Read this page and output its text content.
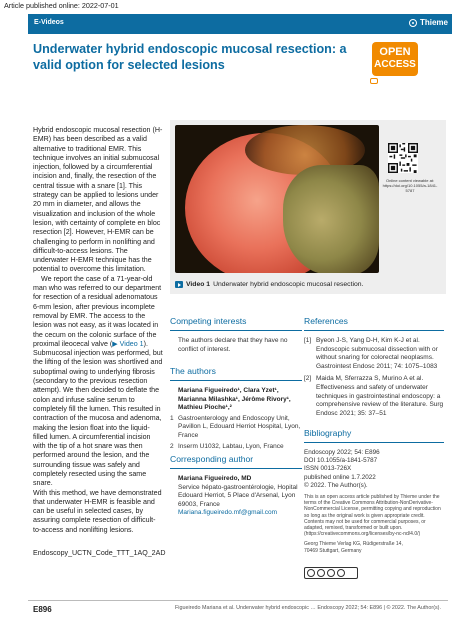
Article published online: 2022-07-01
E-Videos	Thieme
Underwater hybrid endoscopic mucosal resection: a valid option for selected lesions
OPEN
ACCESS

Hybrid endoscopic mucosal resection (H-EMR) has been described as a valid alternative to traditional EMR. This technique involves an initial submucosal injection, followed by a circumferential incision and, finally, the resection of the central tissue with a snare [1]. This strategy can be applied to lesions under 20 mm in diameter, and allows the visualization and inclusion of the whole lesion, with certainty of complete en bloc resection [2]. However, H-EMR can be challenging to perform in nonlifting and difficult-to-access lesions. The underwater H-EMR technique has the potential to overcome this limitation.

We report the case of a 71-year-old man who was referred to our department for resection of a residual adenomatous 6-mm lesion, after previous incomplete removal by EMR. The access to the lesion was not easy, as it was located in the cecum on the colonic surface of the proximal ileocecal valve (▶ Video 1). Submucosal injection was performed, but the lifting of the lesion was shortlived and suboptimal owing to underlying fibrosis (secondary to the previous resection attempt). We then decided to deflate the colon and infuse saline serum to completely fill the lumen. This resulted in contraction of the mucosa and adenoma, making the lesion float into the liquid-filled lumen. A circumferential incision with the tip of a hot snare was then performed around the lesion, and the surrounding tissue was safely and completely resected using the same snare.

With this method, we have demonstrated that underwater H-EMR is feasible and can be useful in selected cases, by assuring complete resection of difficult-to-access and nonlifting lesions.

Endoscopy_UCTN_Code_TTT_1AQ_2AD

Online content viewable at: https://doi.org/10.1055/a-1841-5787
Video 1 Underwater hybrid endoscopic mucosal resection.
Competing interests
The authors declare that they have no conflict of interest.
The authors
Mariana Figueiredo¹, Clara Yzet¹, Marianna Milashka¹, Jérôme Rivory¹, Mathieu Pioche¹,²
1 Gastroenterology and Endoscopy Unit, Pavillon L, Edouard Herriot Hospital, Lyon, France
2 Inserm U1032, Labtau, Lyon, France
Corresponding author
Mariana Figueiredo, MD
Service hépato-gastroentérologie, Hopital Edouard Herriot, 5 Place d'Arsenal, Lyon 69003, France
Mariana.figueiredo.mf@gmail.com
References
[1] Byeon J-S, Yang D-H, Kim K-J et al. Endoscopic submucosal dissection with or without snaring for colorectal neoplasms. Gastrointest Endosc 2011; 74: 1075–1083
[2] Maida M, Sferrazza S, Murino A et al. Effectiveness and safety of underwater techniques in gastrointestinal endoscopy: a comprehensive review of the literature. Surg Endosc 2021; 35: 37–51
Bibliography
Endoscopy 2022; 54: E896
DOI 10.1055/a-1841-5787
ISSN 0013-726X
published online 1.7.2022
© 2022. The Author(s).
This is an open access article published by Thieme under the terms of the Creative Commons Attribution-NonDerivative-NonCommercial License, permitting copying and reproduction so long as the original work is given appropriate credit. Contents may not be used for commercial purposes, or adapted, remixed, transformed or built upon. (https://creativecommons.org/licenses/by-nc-nd/4.0/)
Georg Thieme Verlag KG, Rüdigerstraße 14,
70469 Stuttgart, Germany
E896	Figueiredo Mariana et al. Underwater hybrid endoscopic … Endoscopy 2022; 54: E896 | © 2022. The Author(s).
